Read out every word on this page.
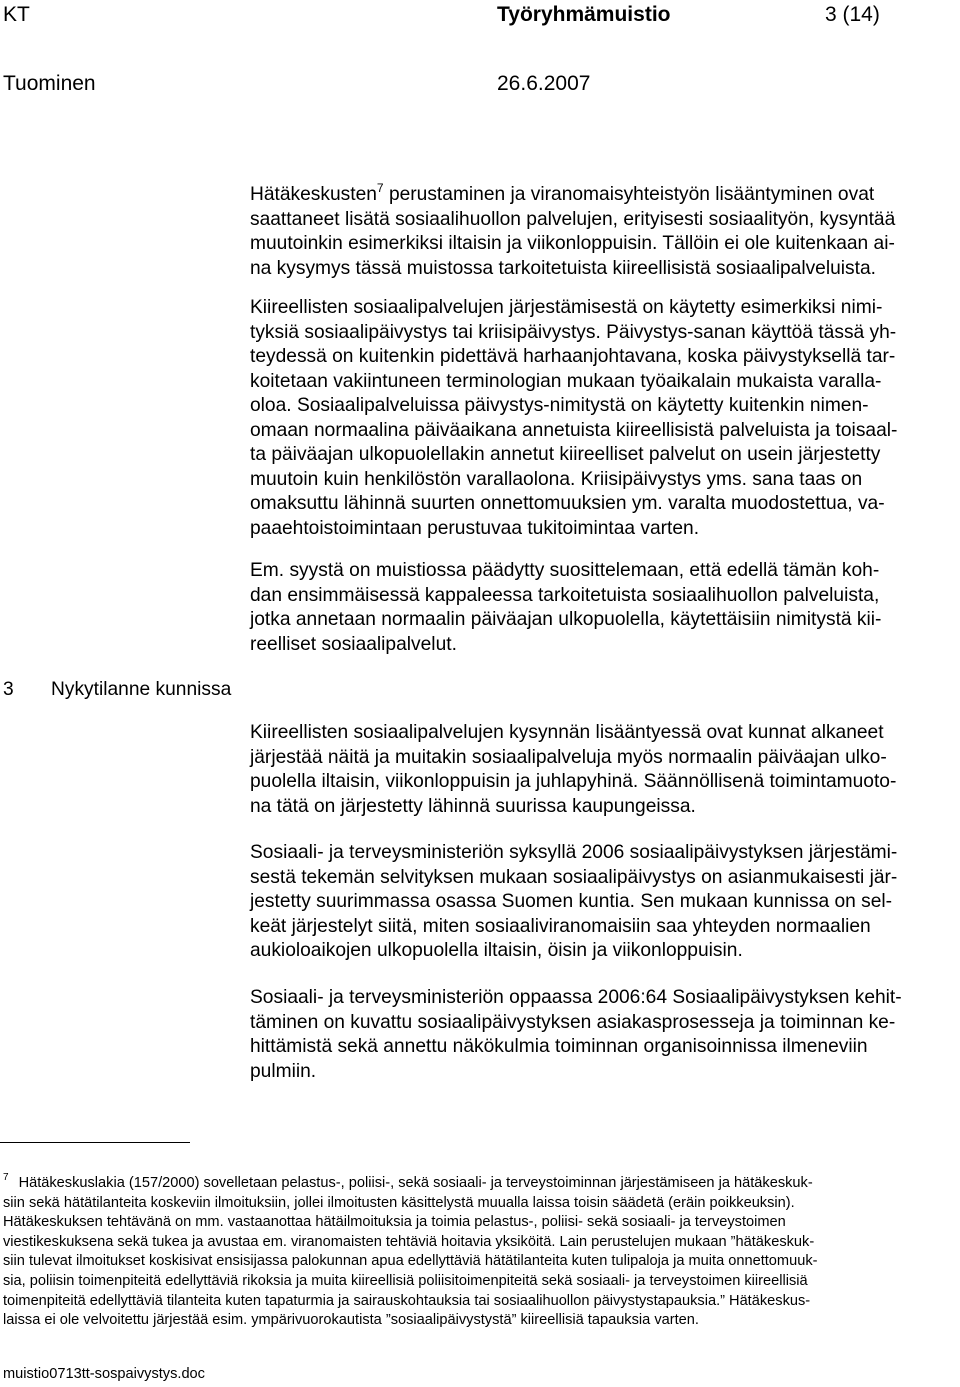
KT	Työryhmämuistio	3 (14)
Tuominen	26.6.2007
Hätäkeskusten$^7$ perustaminen ja viranomaisyhteistyön lisääntyminen ovat
saattaneet lisätä sosiaalihuollon palvelujen, erityisesti sosiaalityön, kysyntää
muutoinkin esimerkiksi iltaisin ja viikonloppuisin. Tällöin ei ole kuitenkaan ai-
na kysymys tässä muistossa tarkoitetuista kiireellisistä sosiaalipalveluista.
Kiireellisten sosiaalipalvelujen järjestämisestä on käytetty esimerkiksi nimi-
tyksiä sosiaalipäivystys tai kriisipäivystys. Päivystys-sanan käyttöä tässä yh-
teydessä on kuitenkin pidettävä harhaanjohtavana, koska päivystyksellä tar-
koitetaan vakiintuneen terminologian mukaan työaikalain mukaista varalla-
oloa. Sosiaalipalveluissa päivystys-nimitystä on käytetty kuitenkin nimen-
omaan normaalina päiväaikana annetuista kiireellisistä palveluista ja toisaal-
ta päiväajan ulkopuolellakin annetut kiireelliset palvelut on usein järjestetty
muutoin kuin henkilöstön varallaolona. Kriisipäivystys yms. sana taas on
omaksuttu lähinnä suurten onnettomuuksien ym. varalta muodostettua, va-
paaehtoistoimintaan perustuvaa tukitoimintaa varten.
Em. syystä on muistiossa päädytty suosittelemaan, että edellä tämän koh-
dan ensimmäisessä kappaleessa tarkoitetuista sosiaalihuollon palveluista,
jotka annetaan normaalin päiväajan ulkopuolella, käytettäisiin nimitystä kii-
reelliset sosiaalipalvelut.
Kiireellisten sosiaalipalvelujen kysynnän lisääntyessä ovat kunnat alkaneet
järjestää näitä ja muitakin sosiaalipalveluja myös normaalin päiväajan ulko-
puolella iltaisin, viikonloppuisin ja juhlapyhinä. Säännöllisenä toimintamuoto-
na tätä on järjestetty lähinnä suurissa kaupungeissa.
Sosiaali- ja terveysministeriön syksyllä 2006 sosiaalipäivystyksen järjestämi-
sestä tekemän selvityksen mukaan sosiaalipäivystys on asianmukaisesti jär-
jestetty suurimmassa osassa Suomen kuntia. Sen mukaan kunnissa on sel-
keät järjestelyt siitä, miten sosiaaliviranomaisiin saa yhteyden normaalien
aukioloaikojen ulkopuolella iltaisin, öisin ja viikonloppuisin.
Sosiaali- ja terveysministeriön oppaassa 2006:64 Sosiaalipäivystyksen kehit-
täminen on kuvattu sosiaalipäivystyksen asiakasprosesseja ja toiminnan ke-
hittämistä sekä annettu näkökulmia toiminnan organisoinnissa ilmeneviin
pulmiin.
3 Nykytilanne kunnissa
$^7$ Hätäkeskuslakia (157/2000) sovelletaan pelastus-, poliisi-, sekä sosiaali- ja terveystoiminnan järjestämiseen ja hätäkeskuk-
siin sekä hätätilanteita koskeviin ilmoituksiin, jollei ilmoitusten käsittelystä muualla laissa toisin säädetä (eräin poikkeuksin).
Hätäkeskuksen tehtävänä on mm. vastaanottaa hätäilmoituksia ja toimia pelastus-, poliisi- sekä sosiaali- ja terveystoimen
viestikeskuksena sekä tukea ja avustaa em. viranomaisten tehtäviä hoitavia yksiköitä. Lain perustelujen mukaan ”hätäkeskuk-
siin tulevat ilmoitukset koskisivat ensisijassa palokunnan apua edellyttäviä hätätilanteita kuten tulipaloja ja muita onnettomuuk-
sia, poliisin toimenpiteitä edellyttäviä rikoksia ja muita kiireellisiä poliisitoimenpiteitä sekä sosiaali- ja terveystoimen kiireellisiä
toimenpiteitä edellyttäviä tilanteita kuten tapaturmia ja sairauskohtauksia tai sosiaalihuollon päivystystapauksia.” Hätäkeskus-
laissa ei ole velvoitettu järjestää esim. ympärivuorokautista ”sosiaalipäivystystä” kiireellisiä tapauksia varten.
muistio0713tt-sospaivystys.doc
